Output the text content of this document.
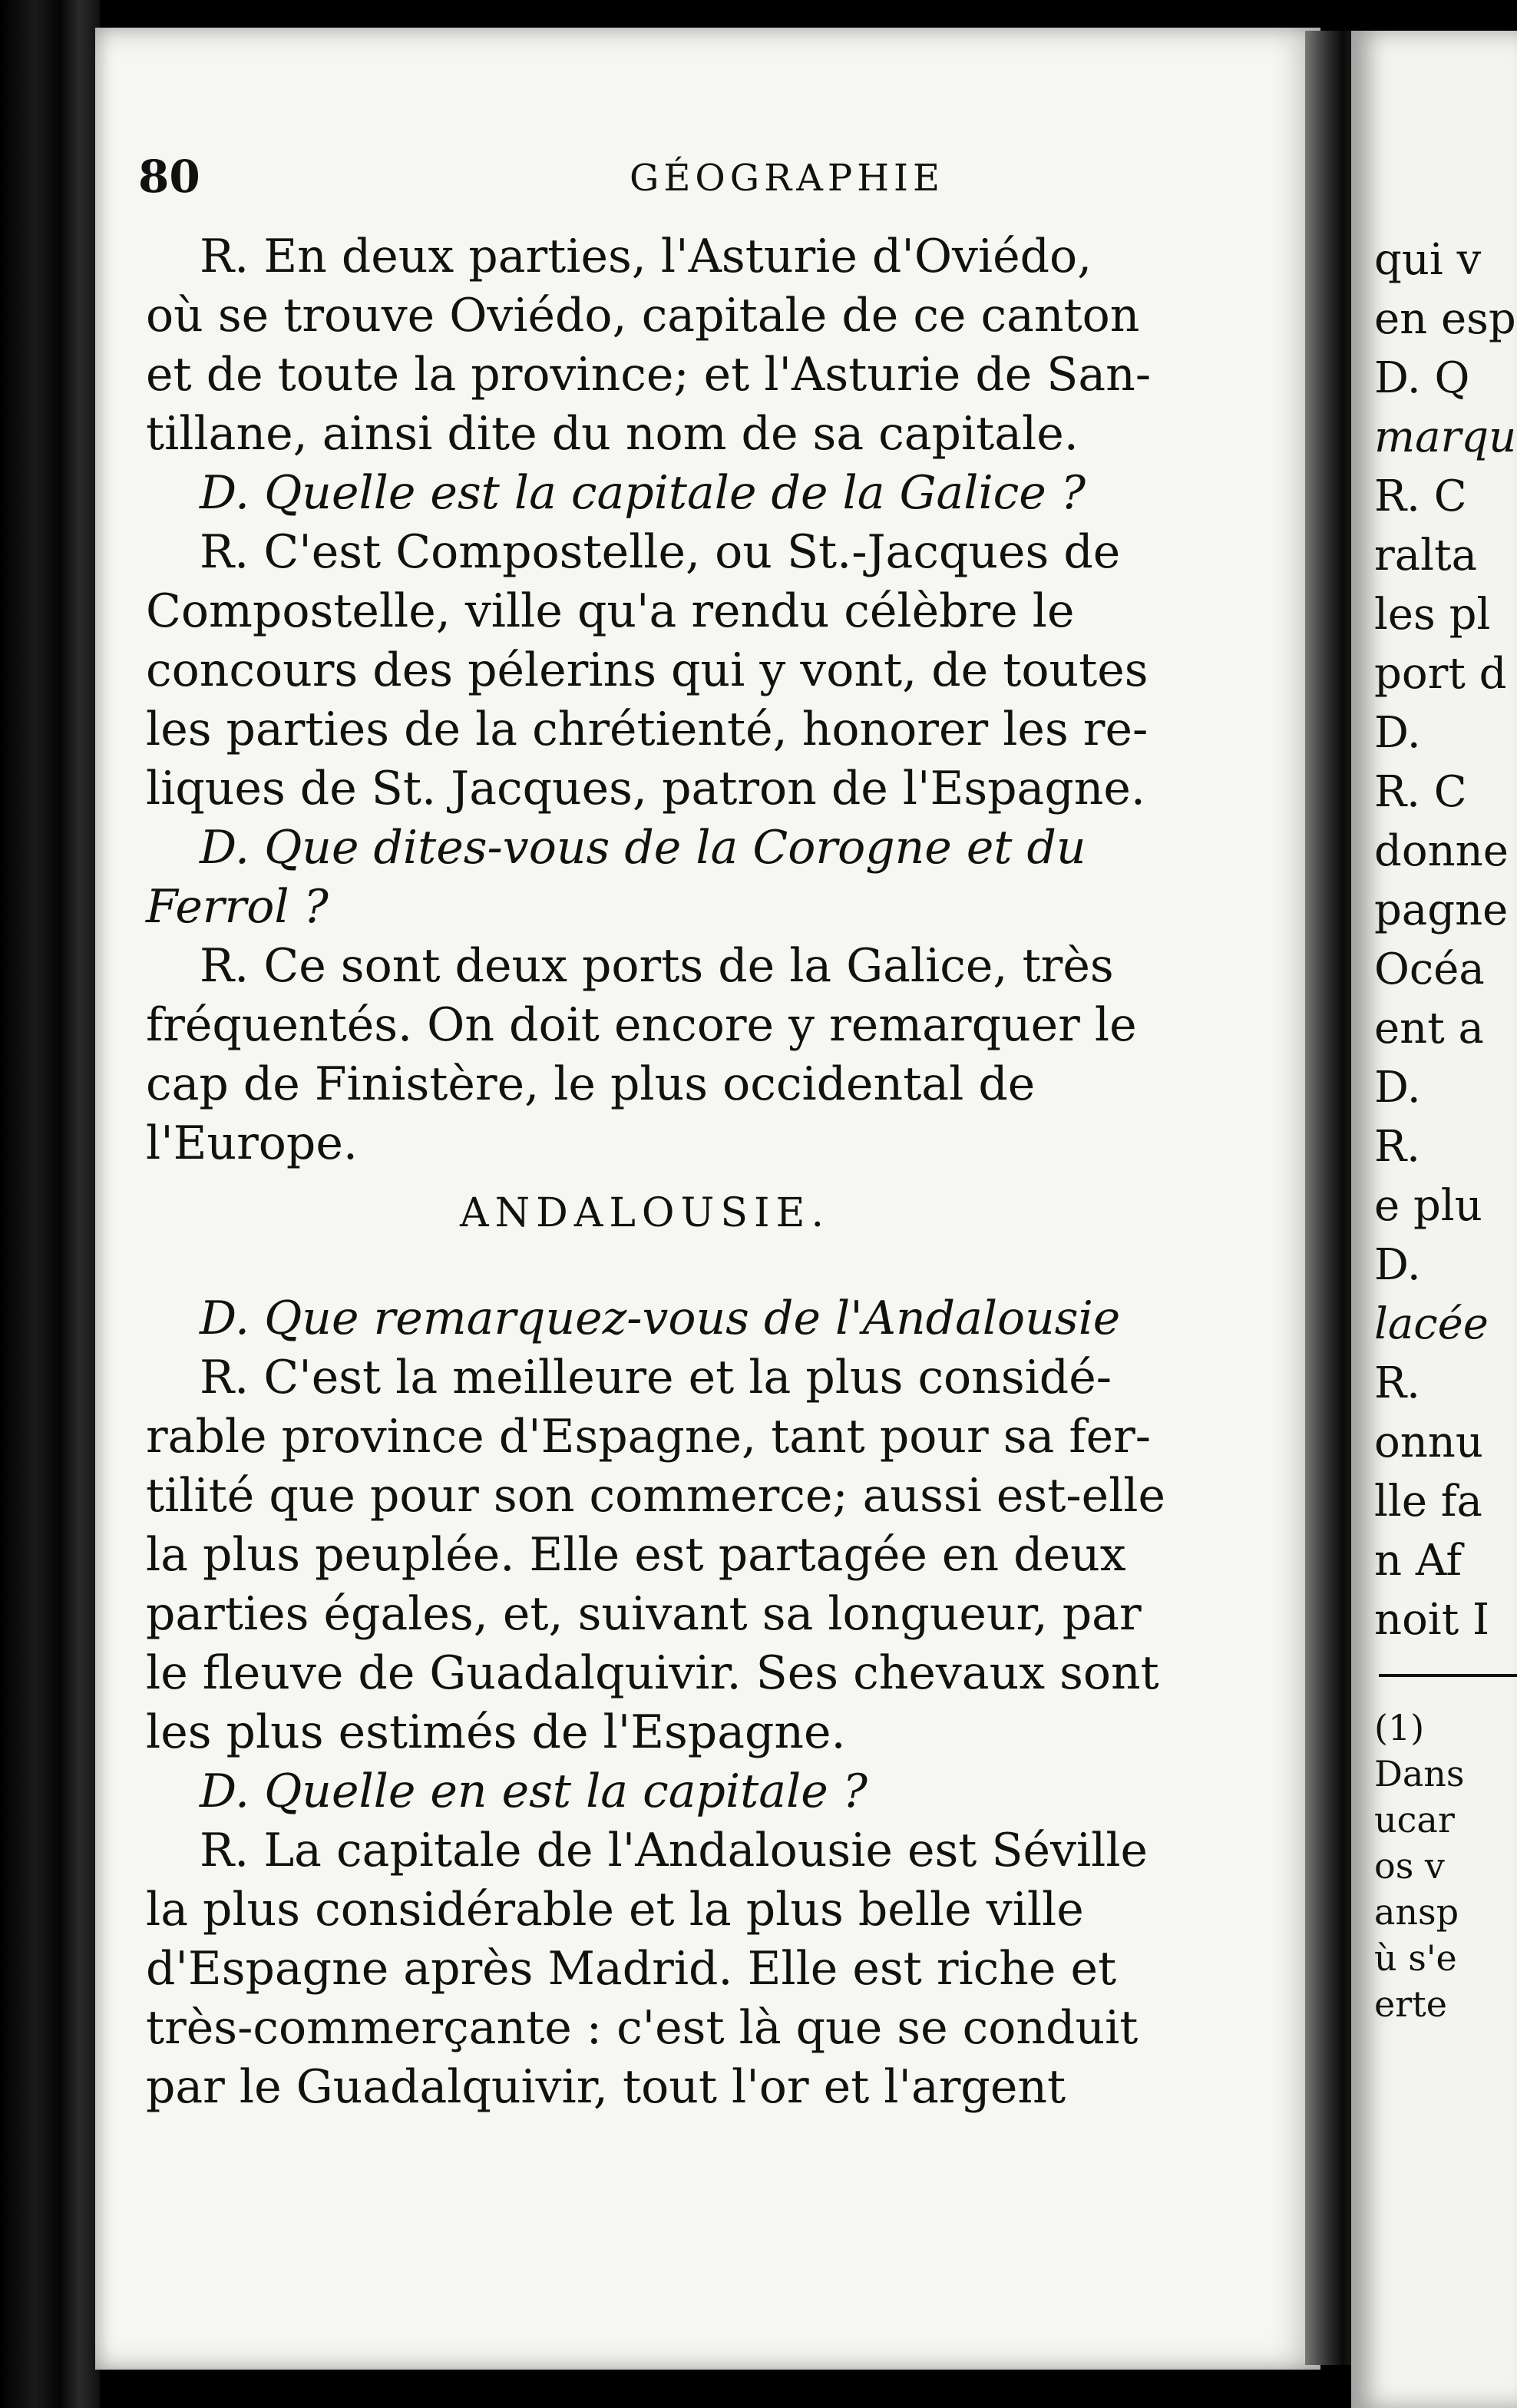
80	GÉOGRAPHIE
R. En deux parties, l'Asturie d'Oviédo,
où se trouve Oviédo, capitale de ce canton
et de toute la province; et l'Asturie de San-
tillane, ainsi dite du nom de sa capitale.
D. Quelle est la capitale de la Galice ?
R. C'est Compostelle, ou St.-Jacques de
Compostelle, ville qu'a rendu célèbre le
concours des pélerins qui y vont, de toutes
les parties de la chrétienté, honorer les re-
liques de St. Jacques, patron de l'Espagne.
D. Que dites-vous de la Corogne et du
Ferrol ?
R. Ce sont deux ports de la Galice, très
fréquentés. On doit encore y remarquer le
cap de Finistère, le plus occidental de
l'Europe.
ANDALOUSIE.
D. Que remarquez-vous de l'Andalousie
R. C'est la meilleure et la plus considé-
rable province d'Espagne, tant pour sa fer-
tilité que pour son commerce; aussi est-elle
la plus peuplée. Elle est partagée en deux
parties égales, et, suivant sa longueur, par
le fleuve de Guadalquivir. Ses chevaux sont
les plus estimés de l'Espagne.
D. Quelle en est la capitale ?
R. La capitale de l'Andalousie est Séville
la plus considérable et la plus belle ville
d'Espagne après Madrid. Elle est riche et
très-commerçante : c'est là que se conduit
par le Guadalquivir, tout l'or et l'argent
qui v
en esp
D. Q
marqu
R. C
ralta
les pl
port d
D.
R. C
donne
pagne
Océa
ent a
D.
R.
e plu
D.
lacée
R.
onnu
lle fa
n Af
noit I
(1)
Dans
ucar
os v
ansp
ù s'e
erte
